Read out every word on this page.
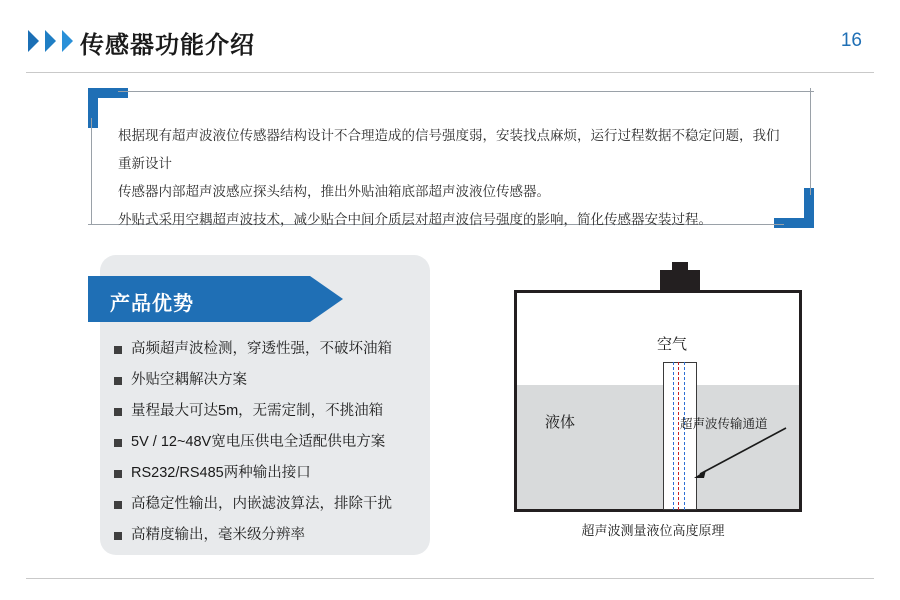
传感器功能介绍	16

根据现有超声波液位传感器结构设计不合理造成的信号强度弱，安装找点麻烦，运行过程数据不稳定问题，我们重新设计

传感器内部超声波感应探头结构，推出外贴油箱底部超声波液位传感器。

外贴式采用空耦超声波技术，减少贴合中间介质层对超声波信号强度的影响，简化传感器安装过程。

产品优势
高频超声波检测，穿透性强，不破坏油箱
外贴空耦解决方案
量程最大可达5m，无需定制，不挑油箱
5V / 12~48V宽电压供电全适配供电方案
RS232/RS485两种输出接口
高稳定性输出，内嵌滤波算法，排除干扰
高精度输出，毫米级分辨率
空气
液体	超声波传输通道
超声波测量液位高度原理
